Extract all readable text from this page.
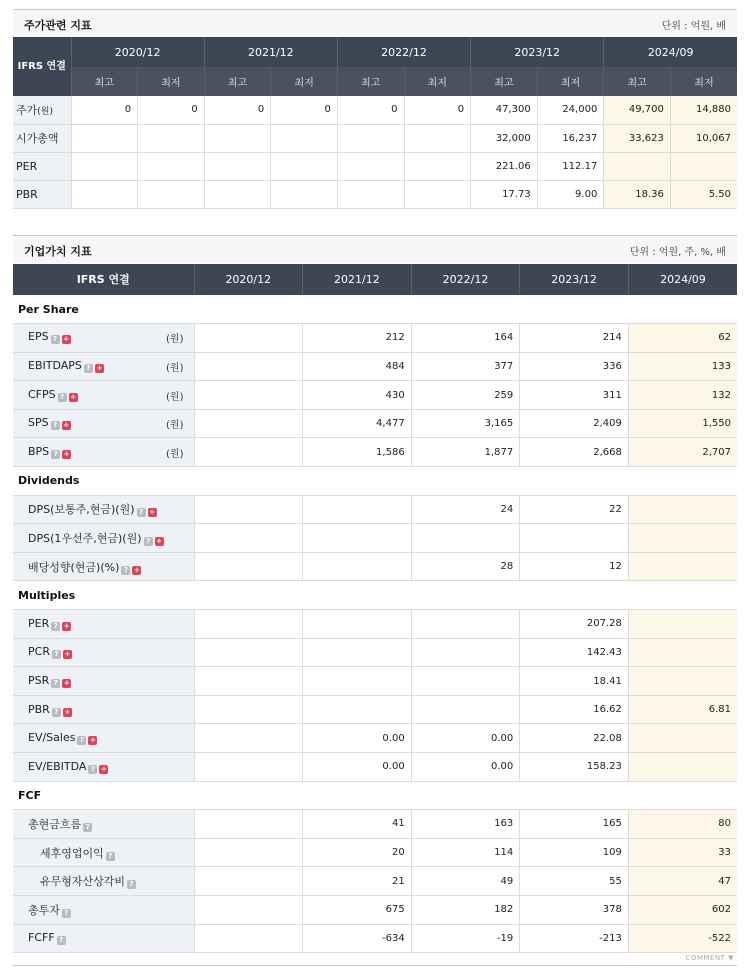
주가관련 지표	단위 : 억원, 배
IFRS 연결	2020/12		2021/12		2022/12		2023/12		2024/09	
	최고	최저	최고	최저	최고	최저	최고	최저	최고	최저
주가(원)	0	0	0	0	0	0	47,300	24,000	49,700	14,880
시가총액							32,000	16,237	33,623	10,067
PER							221.06	112.17		
PBR							17.73	9.00	18.36	5.50
기업가치 지표	단위 : 억원, 주, %, 배
IFRS 연결	2020/12	2021/12	2022/12	2023/12	2024/09
Per Share					
EPS ? + (원)		212	164	214	62
EBITDAPS ? + (원)		484	377	336	133
CFPS ? + (원)		430	259	311	132
SPS ? + (원)		4,477	3,165	2,409	1,550
BPS ? + (원)		1,586	1,877	2,668	2,707
Dividends					
DPS(보통주,현금)(원) ? +			24	22	
DPS(1우선주,현금)(원) ? +					
배당성향(현금)(%) ? +			28	12	
Multiples					
PER ? +				207.28	
PCR ? +				142.43	
PSR ? +				18.41	
PBR ? +				16.62	6.81
EV/Sales ? +		0.00	0.00	22.08	
EV/EBITDA ? +		0.00	0.00	158.23	
FCF					
총현금흐름 ?		41	163	165	80
세후영업이익 ?		20	114	109	33
유무형자산상각비 ?		21	49	55	47
총투자 ?		675	182	378	602
FCFF ?		-634	-19	-213	-522
COMMENT ▼
